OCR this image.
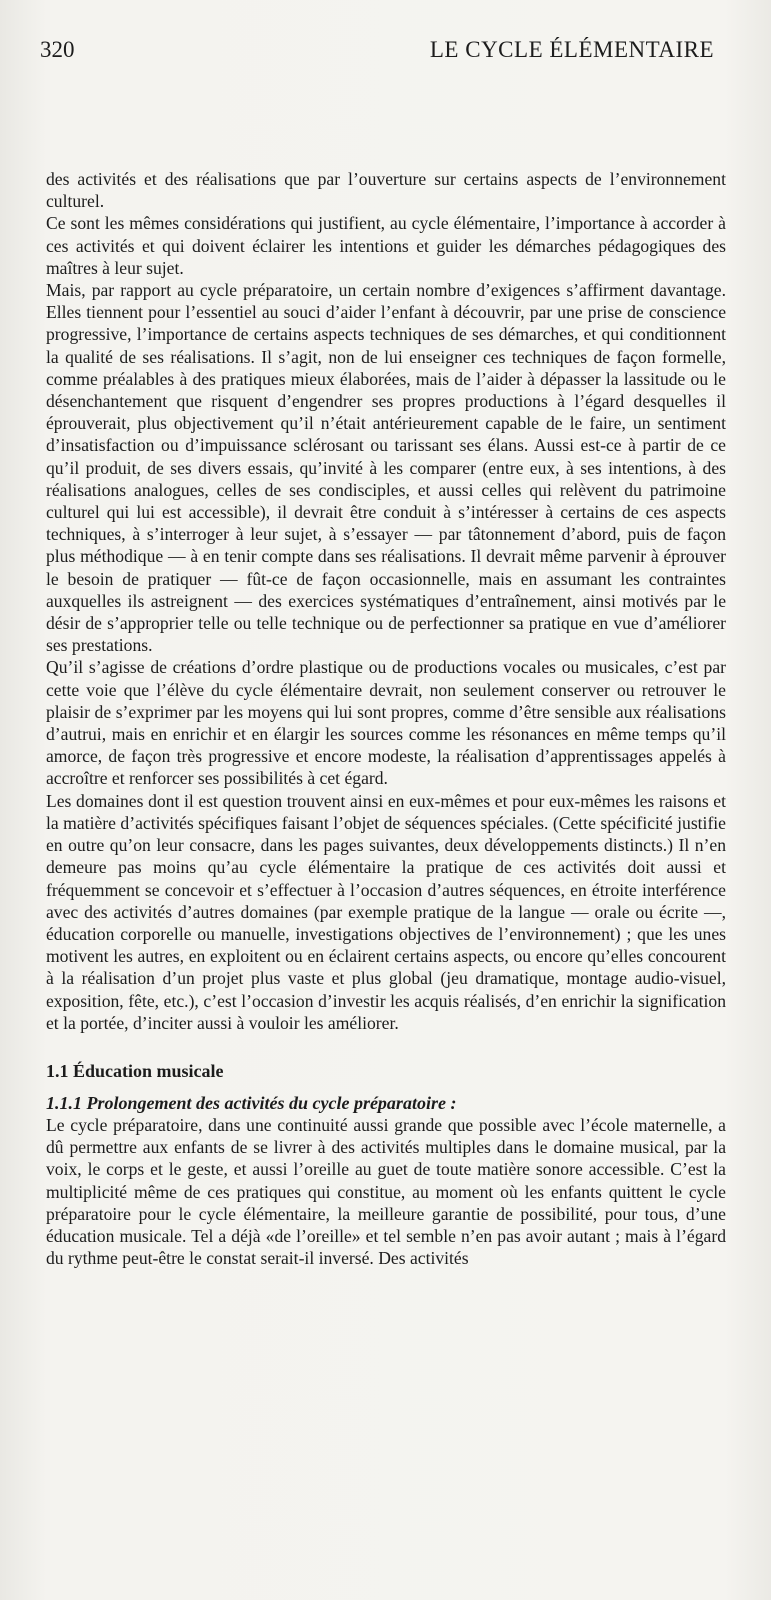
320	LE CYCLE ÉLÉMENTAIRE

des activités et des réalisations que par l’ouverture sur certains aspects de l’environnement culturel.

Ce sont les mêmes considérations qui justifient, au cycle élémentaire, l’importance à accorder à ces activités et qui doivent éclairer les intentions et guider les démarches pédagogiques des maîtres à leur sujet.

Mais, par rapport au cycle préparatoire, un certain nombre d’exigences s’affirment davantage. Elles tiennent pour l’essentiel au souci d’aider l’enfant à découvrir, par une prise de conscience progressive, l’importance de certains aspects techniques de ses démarches, et qui conditionnent la qualité de ses réalisations. Il s’agit, non de lui enseigner ces techniques de façon formelle, comme préalables à des pratiques mieux élaborées, mais de l’aider à dépasser la lassitude ou le désenchantement que risquent d’engendrer ses propres productions à l’égard desquelles il éprouverait, plus objectivement qu’il n’était antérieurement capable de le faire, un sentiment d’insatisfaction ou d’impuissance sclérosant ou tarissant ses élans. Aussi est-ce à partir de ce qu’il produit, de ses divers essais, qu’invité à les comparer (entre eux, à ses intentions, à des réalisations analogues, celles de ses condisciples, et aussi celles qui relèvent du patrimoine culturel qui lui est accessible), il devrait être conduit à s’intéresser à certains de ces aspects techniques, à s’interroger à leur sujet, à s’essayer — par tâtonnement d’abord, puis de façon plus méthodique — à en tenir compte dans ses réalisations. Il devrait même parvenir à éprouver le besoin de pratiquer — fût-ce de façon occasionnelle, mais en assumant les contraintes auxquelles ils astreignent — des exercices systématiques d’entraînement, ainsi motivés par le désir de s’approprier telle ou telle technique ou de perfectionner sa pratique en vue d’améliorer ses prestations.

Qu’il s’agisse de créations d’ordre plastique ou de productions vocales ou musicales, c’est par cette voie que l’élève du cycle élémentaire devrait, non seulement conserver ou retrouver le plaisir de s’exprimer par les moyens qui lui sont propres, comme d’être sensible aux réalisations d’autrui, mais en enrichir et en élargir les sources comme les résonances en même temps qu’il amorce, de façon très progressive et encore modeste, la réalisation d’apprentissages appelés à accroître et renforcer ses possibilités à cet égard.

Les domaines dont il est question trouvent ainsi en eux-mêmes et pour eux-mêmes les raisons et la matière d’activités spécifiques faisant l’objet de séquences spéciales. (Cette spécificité justifie en outre qu’on leur consacre, dans les pages suivantes, deux développements distincts.) Il n’en demeure pas moins qu’au cycle élémentaire la pratique de ces activités doit aussi et fréquemment se concevoir et s’effectuer à l’occasion d’autres séquences, en étroite interférence avec des activités d’autres domaines (par exemple pratique de la langue — orale ou écrite —, éducation corporelle ou manuelle, investigations objectives de l’environnement) ; que les unes motivent les autres, en exploitent ou en éclairent certains aspects, ou encore qu’elles concourent à la réalisation d’un projet plus vaste et plus global (jeu dramatique, montage audio-visuel, exposition, fête, etc.), c’est l’occasion d’investir les acquis réalisés, d’en enrichir la signification et la portée, d’inciter aussi à vouloir les améliorer.

1.1 Éducation musicale
1.1.1 Prolongement des activités du cycle préparatoire :

Le cycle préparatoire, dans une continuité aussi grande que possible avec l’école maternelle, a dû permettre aux enfants de se livrer à des activités multiples dans le domaine musical, par la voix, le corps et le geste, et aussi l’oreille au guet de toute matière sonore accessible. C’est la multiplicité même de ces pratiques qui constitue, au moment où les enfants quittent le cycle préparatoire pour le cycle élémentaire, la meilleure garantie de possibilité, pour tous, d’une éducation musicale. Tel a déjà «de l’oreille» et tel semble n’en pas avoir autant ; mais à l’égard du rythme peut-être le constat serait-il inversé. Des activités
